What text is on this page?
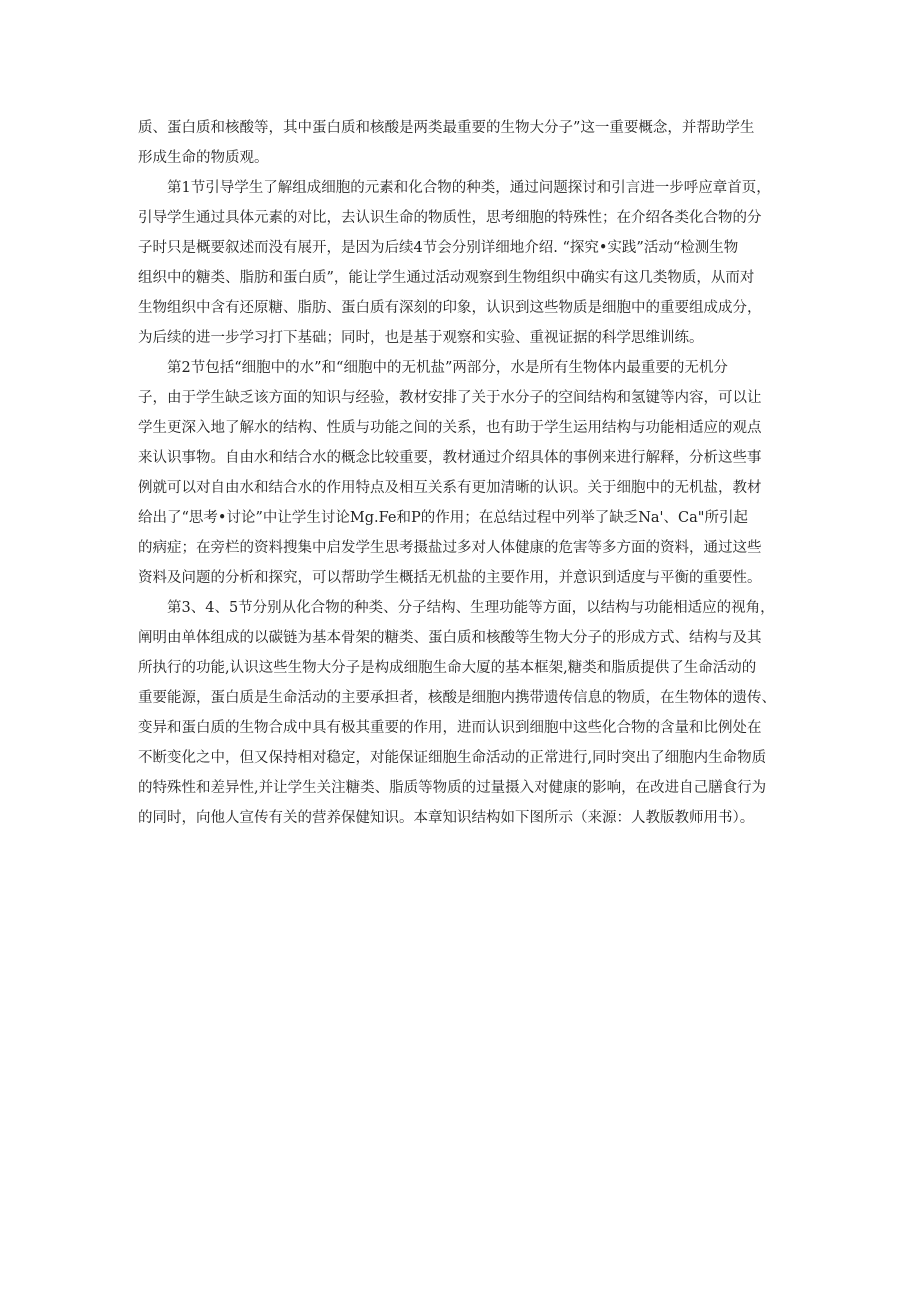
质、蛋白质和核酸等，其中蛋白质和核酸是两类最重要的生物大分子”这一重要概念，并帮助学生
形成生命的物质观。
　　第1节引导学生了解组成细胞的元素和化合物的种类，通过问题探讨和引言进一步呼应章首页，
引导学生通过具体元素的对比，去认识生命的物质性，思考细胞的特殊性；在介绍各类化合物的分
子时只是概要叙述而没有展开，是因为后续4节会分别详细地介绍. “探究•实践”活动“检测生物
组织中的糖类、脂肪和蛋白质”，能让学生通过活动观察到生物组织中确实有这几类物质，从而对
生物组织中含有还原糖、脂肪、蛋白质有深刻的印象，认识到这些物质是细胞中的重要组成成分，
为后续的进一步学习打下基础；同时，也是基于观察和实验、重视证据的科学思维训练。
　　第2节包括“细胞中的水”和“细胞中的无机盐”两部分，水是所有生物体内最重要的无机分
子，由于学生缺乏该方面的知识与经验，教材安排了关于水分子的空间结构和氢键等内容，可以让
学生更深入地了解水的结构、性质与功能之间的关系，也有助于学生运用结构与功能相适应的观点
来认识事物。自由水和结合水的概念比较重要，教材通过介绍具体的事例来进行解释，分析这些事
例就可以对自由水和结合水的作用特点及相互关系有更加清晰的认识。关于细胞中的无机盐，教材
给出了“思考•讨论”中让学生讨论Mg.Fe和P的作用；在总结过程中列举了缺乏Na'、Ca"所引起
的病症；在旁栏的资料搜集中启发学生思考摄盐过多对人体健康的危害等多方面的资料，通过这些
资料及问题的分析和探究，可以帮助学生概括无机盐的主要作用，并意识到适度与平衡的重要性。
　　第3、4、5节分别从化合物的种类、分子结构、生理功能等方面，以结构与功能相适应的视角，
阐明由单体组成的以碳链为基本骨架的糖类、蛋白质和核酸等生物大分子的形成方式、结构与及其
所执行的功能,认识这些生物大分子是构成细胞生命大厦的基本框架,糖类和脂质提供了生命活动的
重要能源，蛋白质是生命活动的主要承担者，核酸是细胞内携带遗传信息的物质，在生物体的遗传、
变异和蛋白质的生物合成中具有极其重要的作用，进而认识到细胞中这些化合物的含量和比例处在
不断变化之中，但又保持相对稳定，对能保证细胞生命活动的正常进行,同时突出了细胞内生命物质
的特殊性和差异性,并让学生关注糖类、脂质等物质的过量摄入对健康的影响，在改进自己膳食行为
的同时，向他人宣传有关的营养保健知识。本章知识结构如下图所示（来源：人教版教师用书）。
